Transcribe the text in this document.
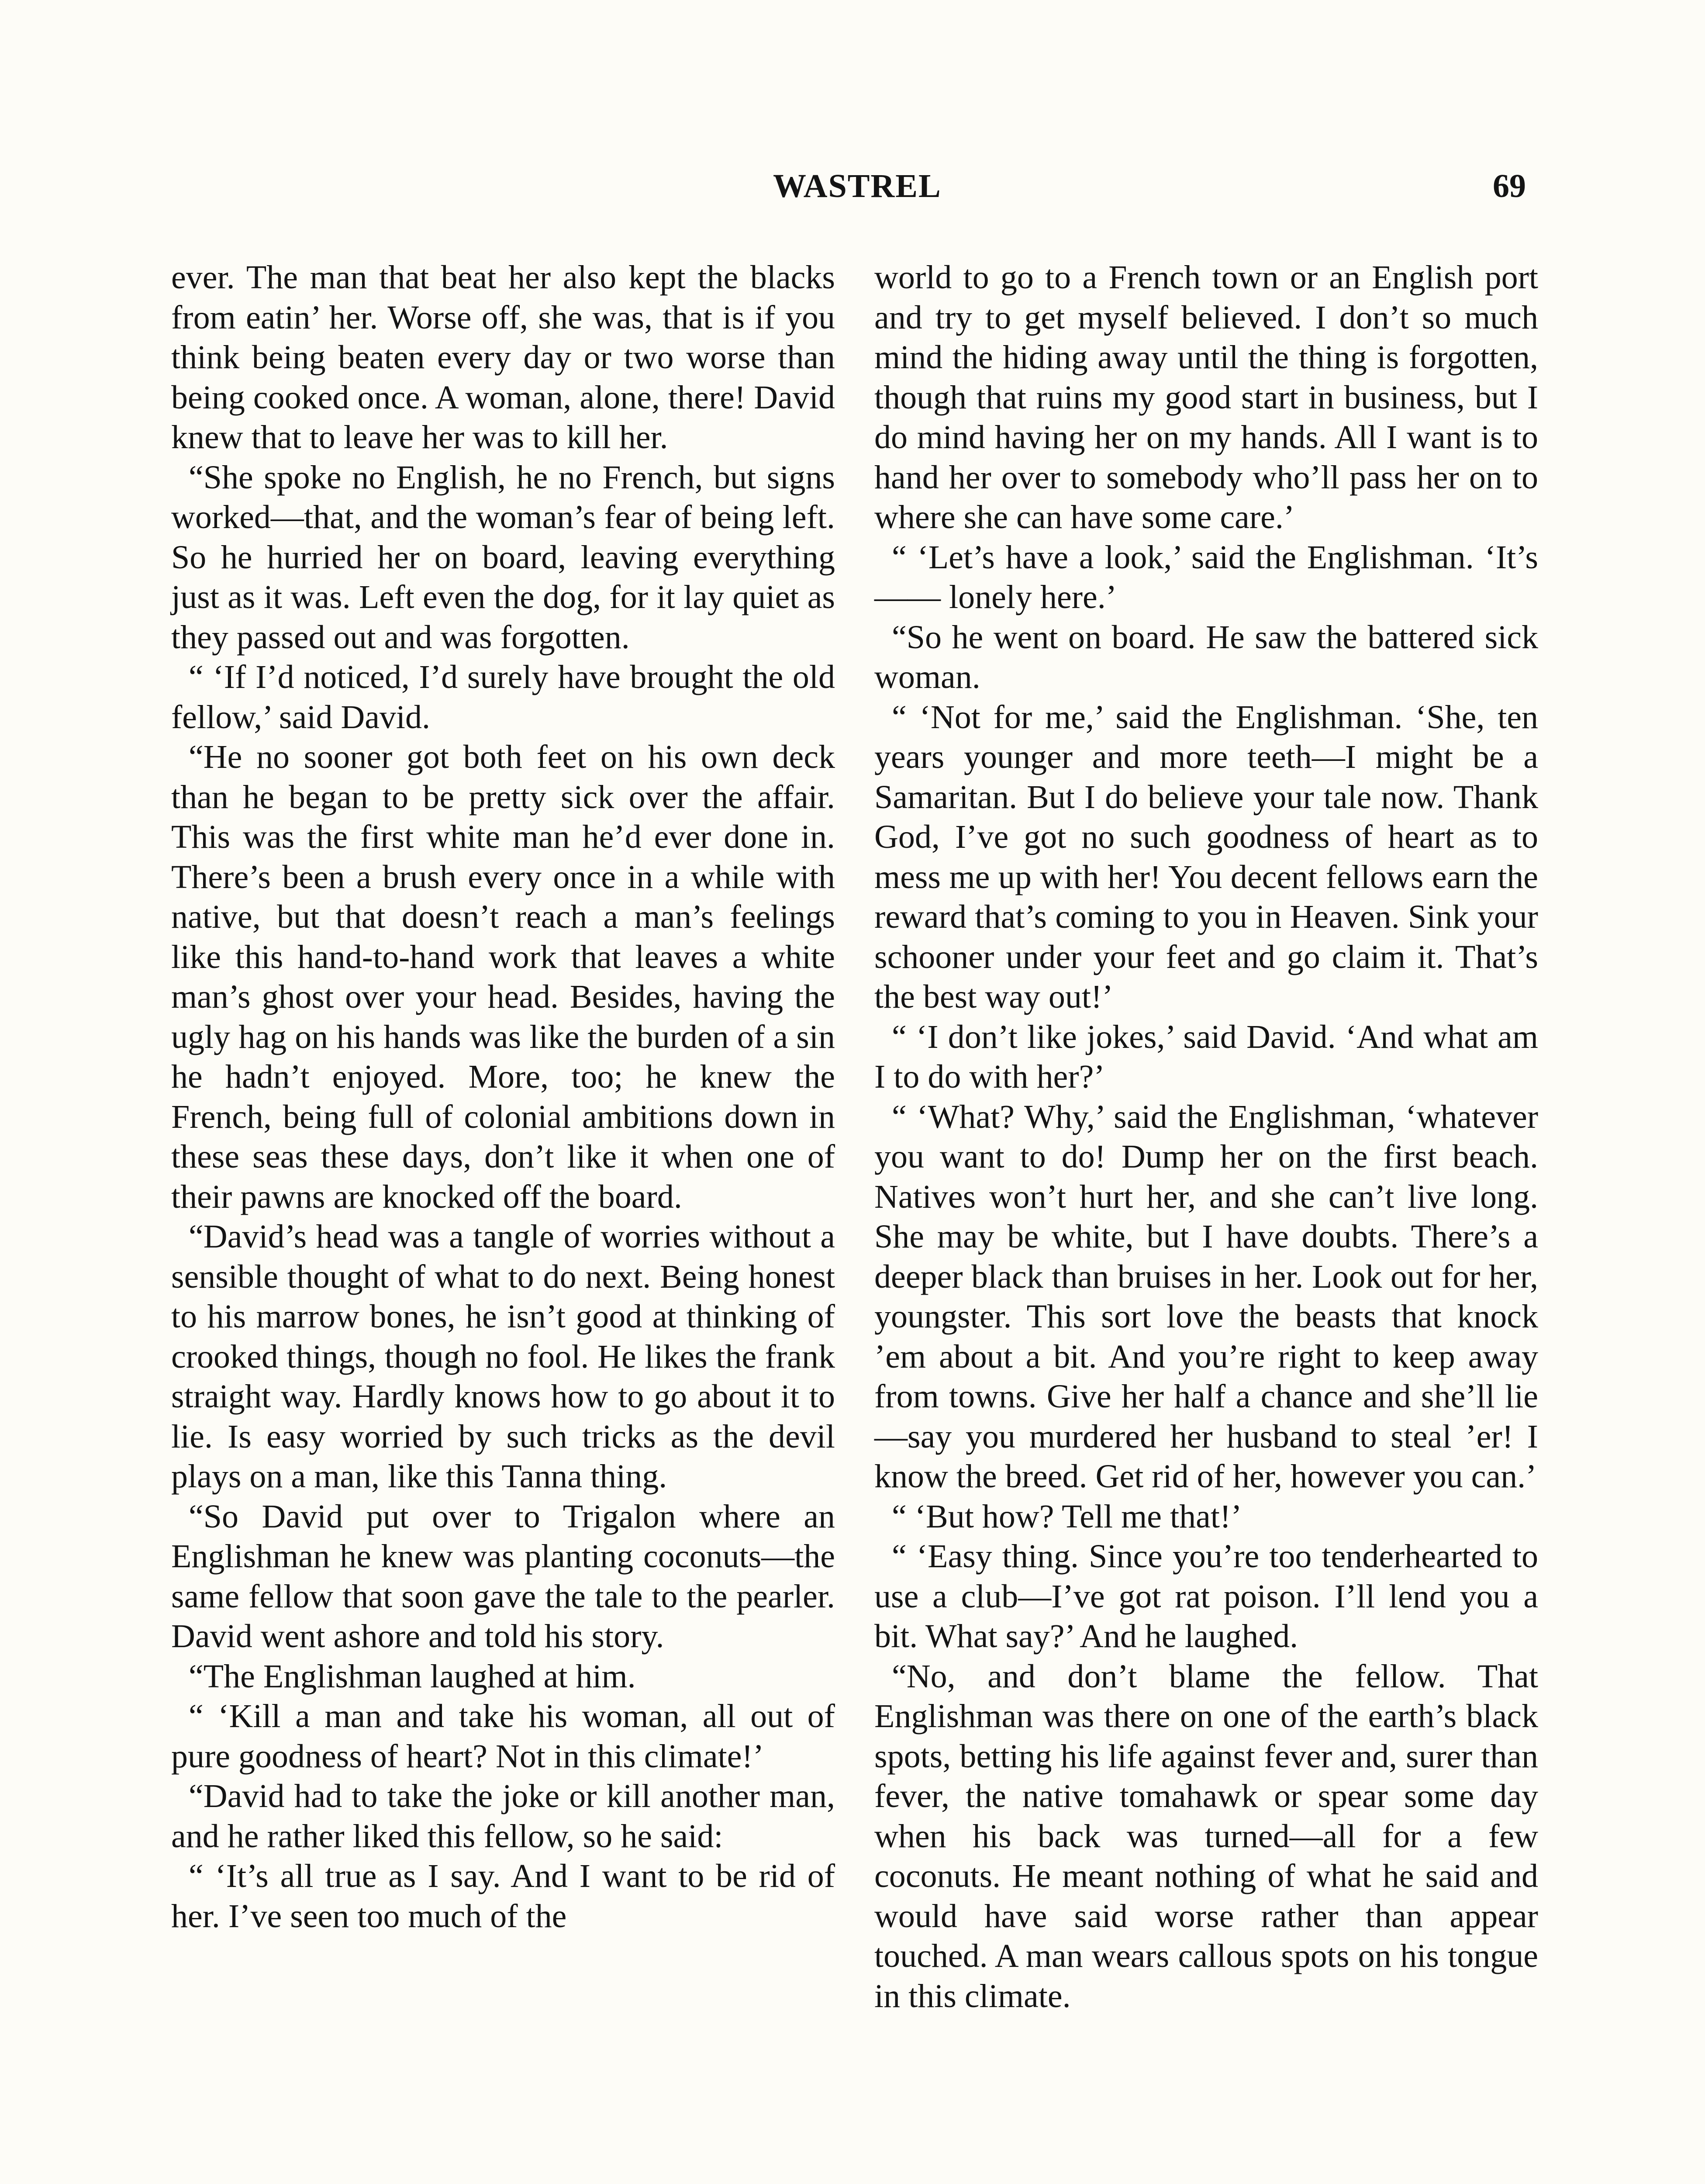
WASTREL	69

ever. The man that beat her also kept the blacks from eatin’ her. Worse off, she was, that is if you think being beaten every day or two worse than being cooked once. A woman, alone, there! David knew that to leave her was to kill her.

“She spoke no English, he no French, but signs worked—that, and the woman’s fear of being left. So he hurried her on board, leaving everything just as it was. Left even the dog, for it lay quiet as they passed out and was forgotten.

“ ‘If I’d noticed, I’d surely have brought the old fellow,’ said David.

“He no sooner got both feet on his own deck than he began to be pretty sick over the affair. This was the first white man he’d ever done in. There’s been a brush every once in a while with native, but that doesn’t reach a man’s feelings like this hand-to-hand work that leaves a white man’s ghost over your head. Besides, having the ugly hag on his hands was like the burden of a sin he hadn’t enjoyed. More, too; he knew the French, being full of colonial ambitions down in these seas these days, don’t like it when one of their pawns are knocked off the board.

“David’s head was a tangle of worries without a sensible thought of what to do next. Being honest to his marrow bones, he isn’t good at thinking of crooked things, though no fool. He likes the frank straight way. Hardly knows how to go about it to lie. Is easy worried by such tricks as the devil plays on a man, like this Tanna thing.

“So David put over to Trigalon where an Englishman he knew was planting coconuts—the same fellow that soon gave the tale to the pearler. David went ashore and told his story.

“The Englishman laughed at him.

“ ‘Kill a man and take his woman, all out of pure goodness of heart? Not in this climate!’

“David had to take the joke or kill another man, and he rather liked this fellow, so he said:

“ ‘It’s all true as I say. And I want to be rid of her. I’ve seen too much of the

world to go to a French town or an English port and try to get myself believed. I don’t so much mind the hiding away until the thing is forgotten, though that ruins my good start in business, but I do mind having her on my hands. All I want is to hand her over to somebody who’ll pass her on to where she can have some care.’

“ ‘Let’s have a look,’ said the Englishman. ‘It’s —— lonely here.’

“So he went on board. He saw the battered sick woman.

“ ‘Not for me,’ said the Englishman. ‘She, ten years younger and more teeth—I might be a Samaritan. But I do believe your tale now. Thank God, I’ve got no such goodness of heart as to mess me up with her! You decent fellows earn the reward that’s coming to you in Heaven. Sink your schooner under your feet and go claim it. That’s the best way out!’

“ ‘I don’t like jokes,’ said David. ‘And what am I to do with her?’

“ ‘What? Why,’ said the Englishman, ‘whatever you want to do! Dump her on the first beach. Natives won’t hurt her, and she can’t live long. She may be white, but I have doubts. There’s a deeper black than bruises in her. Look out for her, youngster. This sort love the beasts that knock ’em about a bit. And you’re right to keep away from towns. Give her half a chance and she’ll lie—say you murdered her husband to steal ’er! I know the breed. Get rid of her, however you can.’

“ ‘But how? Tell me that!’

“ ‘Easy thing. Since you’re too tenderhearted to use a club—I’ve got rat poison. I’ll lend you a bit. What say?’ And he laughed.

“No, and don’t blame the fellow. That Englishman was there on one of the earth’s black spots, betting his life against fever and, surer than fever, the native tomahawk or spear some day when his back was turned—all for a few coconuts. He meant nothing of what he said and would have said worse rather than appear touched. A man wears callous spots on his tongue in this climate.
